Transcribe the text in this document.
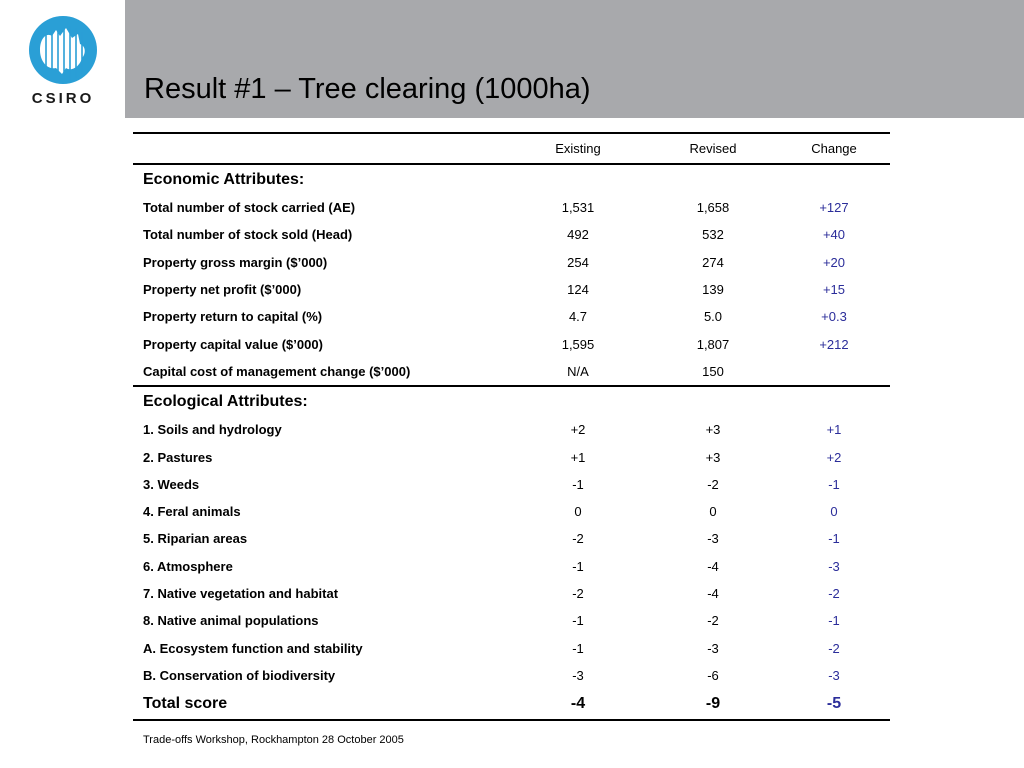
CSIRO	Result #1 – Tree clearing (1000ha)
	Existing	Revised	Change
Economic Attributes:			
Total number of stock carried (AE)	1,531	1,658	+127
Total number of stock sold (Head)	492	532	+40
Property gross margin ($’000)	254	274	+20
Property net profit ($’000)	124	139	+15
Property return to capital (%)	4.7	5.0	+0.3
Property capital value ($’000)	1,595	1,807	+212
Capital cost of management change ($’000)	N/A	150	
Ecological Attributes:			
1. Soils and hydrology	+2	+3	+1
2. Pastures	+1	+3	+2
3. Weeds	-1	-2	-1
4. Feral animals	0	0	0
5. Riparian areas	-2	-3	-1
6. Atmosphere	-1	-4	-3
7. Native vegetation and habitat	-2	-4	-2
8. Native animal populations	-1	-2	-1
A. Ecosystem function and stability	-1	-3	-2
B. Conservation of biodiversity	-3	-6	-3
Total score	-4	-9	-5
Trade-offs Workshop, Rockhampton 28 October 2005
